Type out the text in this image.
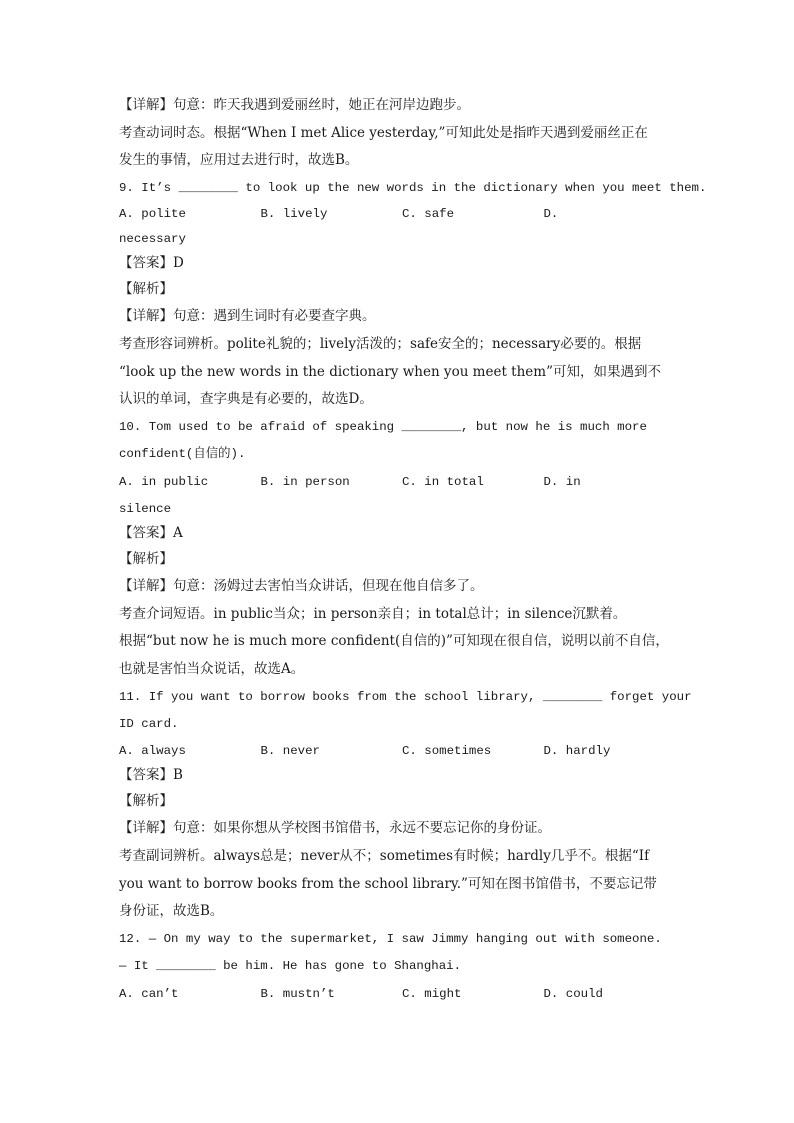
【详解】句意：昨天我遇到爱丽丝时，她正在河岸边跑步。
考查动词时态。根据“When I met Alice yesterday,”可知此处是指昨天遇到爱丽丝正在
发生的事情，应用过去进行时，故选B。
9. It’s ________ to look up the new words in the dictionary when you meet them.
A. polite	B. lively	C. safe	D.
necessary
【答案】D
【解析】
【详解】句意：遇到生词时有必要查字典。
考查形容词辨析。polite礼貌的；lively活泼的；safe安全的；necessary必要的。根据
“look up the new words in the dictionary when you meet them”可知，如果遇到不
认识的单词，查字典是有必要的，故选D。
10. Tom used to be afraid of speaking ________, but now he is much more
confident(自信的).
A. in public	B. in person	C. in total	D. in
silence
【答案】A
【解析】
【详解】句意：汤姆过去害怕当众讲话，但现在他自信多了。
考查介词短语。in public当众；in person亲自；in total总计；in silence沉默着。
根据“but now he is much more confident(自信的)”可知现在很自信，说明以前不自信，
也就是害怕当众说话，故选A。
11. If you want to borrow books from the school library, ________ forget your
ID card.
A. always	B. never	C. sometimes	D. hardly
【答案】B
【解析】
【详解】句意：如果你想从学校图书馆借书，永远不要忘记你的身份证。
考查副词辨析。always总是；never从不；sometimes有时候；hardly几乎不。根据“If
you want to borrow books from the school library.”可知在图书馆借书，不要忘记带
身份证，故选B。
12. — On my way to the supermarket, I saw Jimmy hanging out with someone.
— It ________ be him. He has gone to Shanghai.
A. can’t	B. mustn’t	C. might	D. could
